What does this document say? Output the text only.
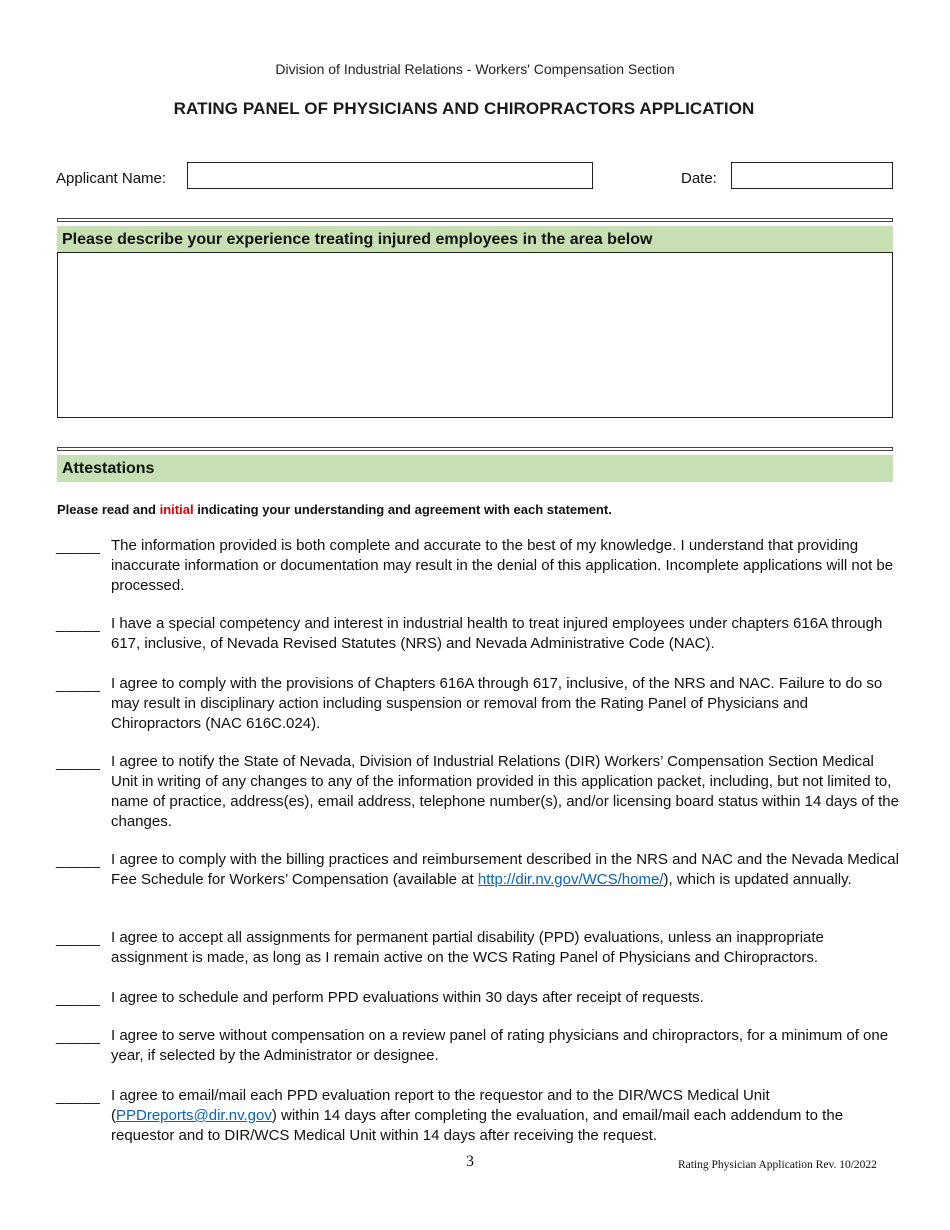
Division of Industrial Relations - Workers' Compensation Section
RATING PANEL OF PHYSICIANS AND CHIROPRACTORS APPLICATION
Applicant Name:	Date:
Please describe your experience treating injured employees in the area below
Attestations
Please read and initial indicating your understanding and agreement with each statement.
_____ The information provided is both complete and accurate to the best of my knowledge. I understand that providing inaccurate information or documentation may result in the denial of this application. Incomplete applications will not be processed.
_____ I have a special competency and interest in industrial health to treat injured employees under chapters 616A through 617, inclusive, of Nevada Revised Statutes (NRS) and Nevada Administrative Code (NAC).
_____ I agree to comply with the provisions of Chapters 616A through 617, inclusive, of the NRS and NAC. Failure to do so may result in disciplinary action including suspension or removal from the Rating Panel of Physicians and Chiropractors (NAC 616C.024).
_____ I agree to notify the State of Nevada, Division of Industrial Relations (DIR) Workers’ Compensation Section Medical Unit in writing of any changes to any of the information provided in this application packet, including, but not limited to, name of practice, address(es), email address, telephone number(s), and/or licensing board status within 14 days of the changes.
_____ I agree to comply with the billing practices and reimbursement described in the NRS and NAC and the Nevada Medical Fee Schedule for Workers’ Compensation (available at http://dir.nv.gov/WCS/home/), which is updated annually.
_____ I agree to accept all assignments for permanent partial disability (PPD) evaluations, unless an inappropriate assignment is made, as long as I remain active on the WCS Rating Panel of Physicians and Chiropractors.
_____ I agree to schedule and perform PPD evaluations within 30 days after receipt of requests.
_____ I agree to serve without compensation on a review panel of rating physicians and chiropractors, for a minimum of one year, if selected by the Administrator or designee.
_____ I agree to email/mail each PPD evaluation report to the requestor and to the DIR/WCS Medical Unit (PPDreports@dir.nv.gov) within 14 days after completing the evaluation, and email/mail each addendum to the requestor and to DIR/WCS Medical Unit within 14 days after receiving the request.
3	Rating Physician Application Rev. 10/2022
